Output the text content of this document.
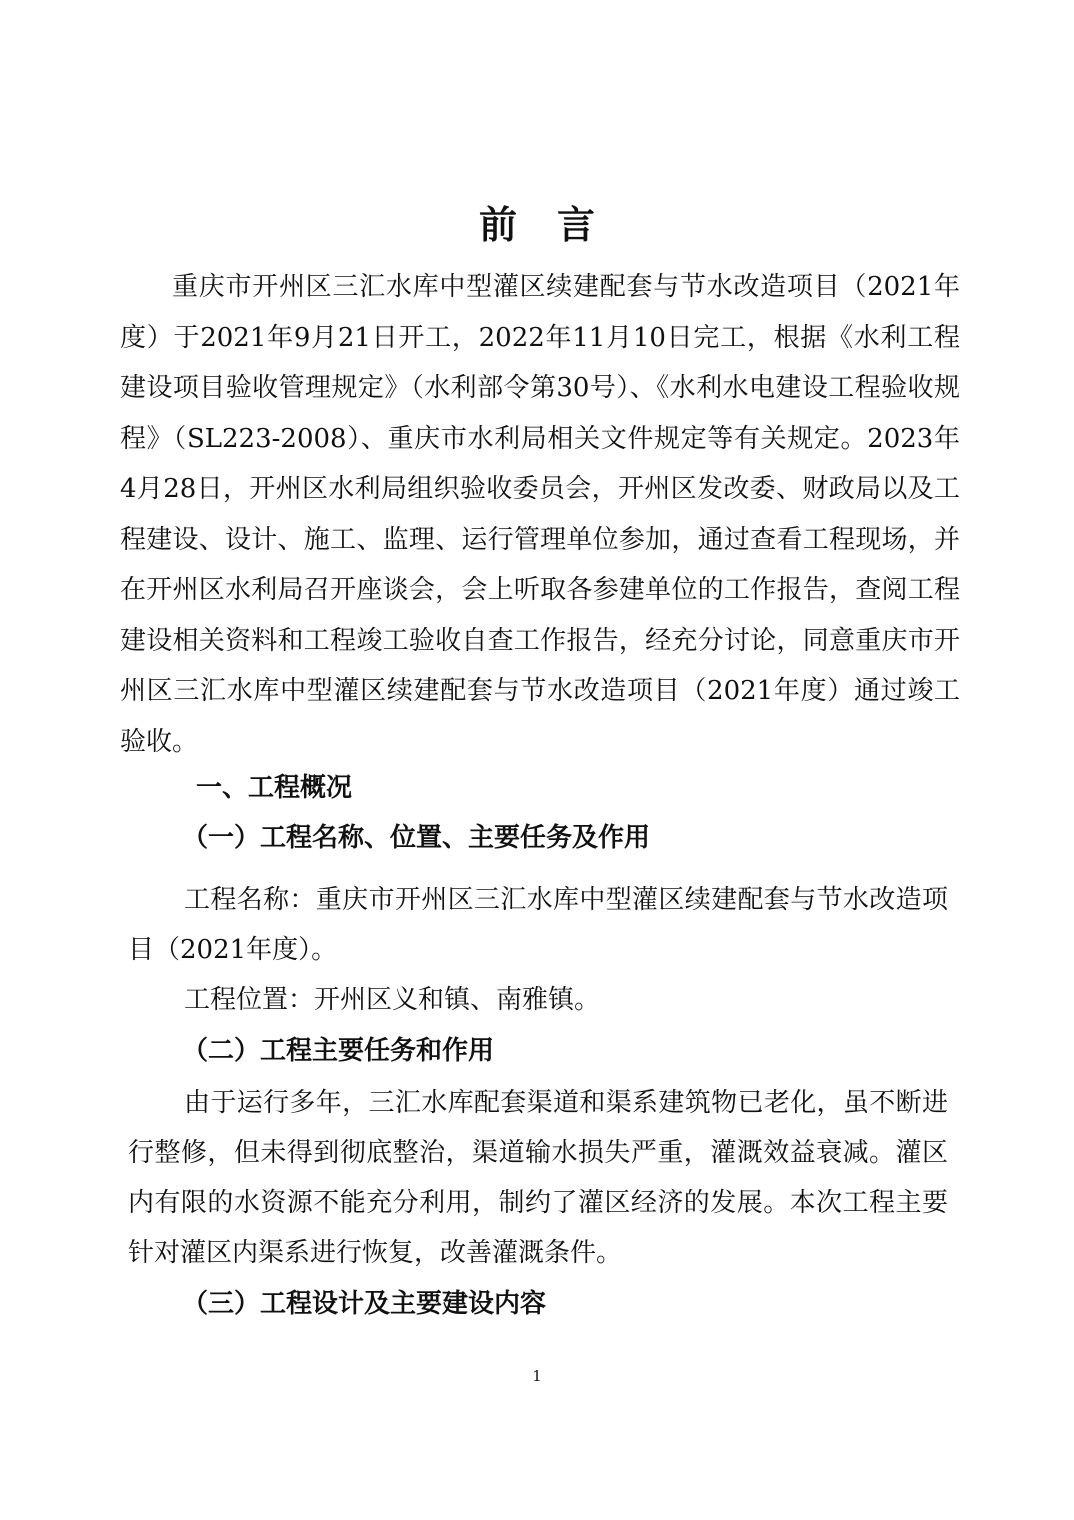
前言

重庆市开州区三汇水库中型灌区续建配套与节水改造项目（2021年度）于2021年9月21日开工，2022年11月10日完工，根据《水利工程建设项目验收管理规定》（水利部令第30号）、《水利水电建设工程验收规程》（SL223-2008）、重庆市水利局相关文件规定等有关规定。2023年4月28日，开州区水利局组织验收委员会，开州区发改委、财政局以及工程建设、设计、施工、监理、运行管理单位参加，通过查看工程现场，并在开州区水利局召开座谈会，会上听取各参建单位的工作报告，查阅工程建设相关资料和工程竣工验收自查工作报告，经充分讨论，同意重庆市开州区三汇水库中型灌区续建配套与节水改造项目（2021年度）通过竣工验收。

一、工程概况
（一）工程名称、位置、主要任务及作用

工程名称：重庆市开州区三汇水库中型灌区续建配套与节水改造项目（2021年度）。

工程位置：开州区义和镇、南雅镇。

（二）工程主要任务和作用

由于运行多年，三汇水库配套渠道和渠系建筑物已老化，虽不断进行整修，但未得到彻底整治，渠道输水损失严重，灌溉效益衰减。灌区内有限的水资源不能充分利用，制约了灌区经济的发展。本次工程主要针对灌区内渠系进行恢复，改善灌溉条件。

（三）工程设计及主要建设内容
1
